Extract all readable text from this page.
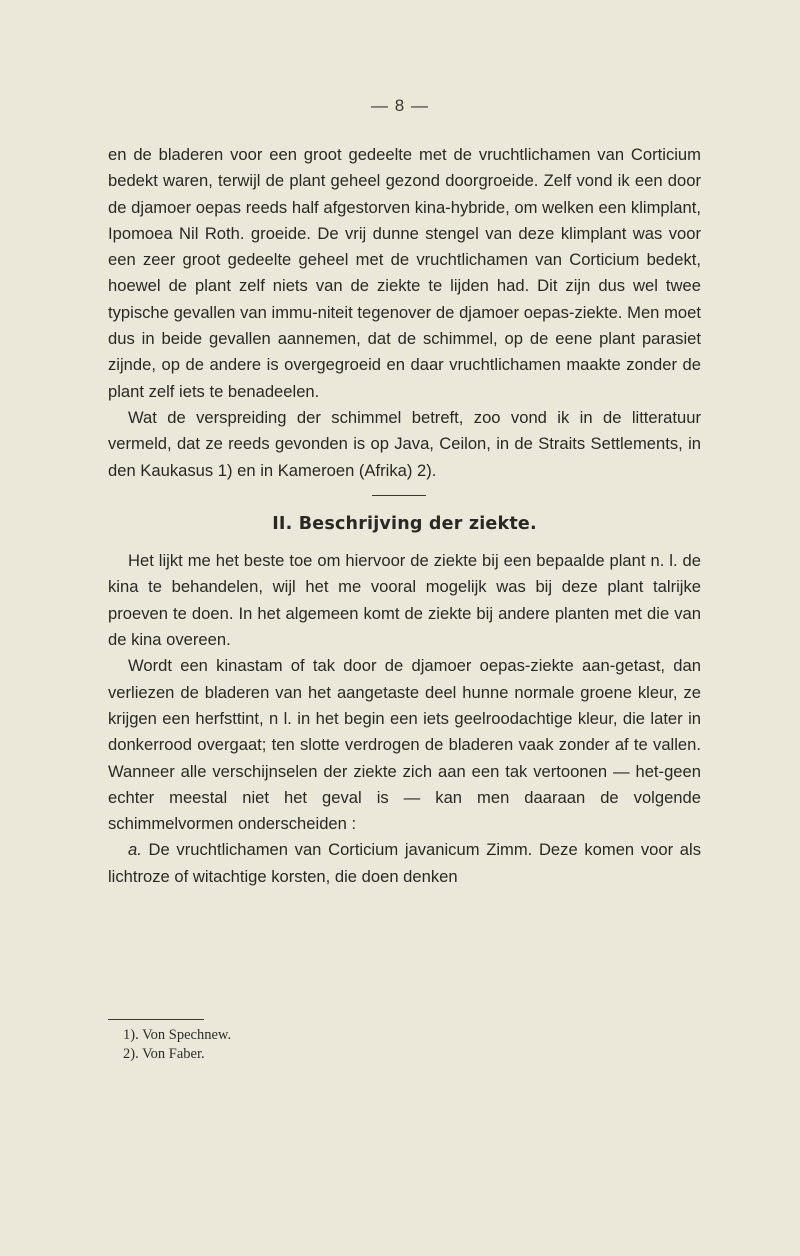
— 8 —

en de bladeren voor een groot gedeelte met de vruchtlichamen van Corticium bedekt waren, terwijl de plant geheel gezond doorgroeide. Zelf vond ik een door de djamoer oepas reeds half afgestorven kina-hybride, om welken een klimplant, Ipomoea Nil Roth. groeide. De vrij dunne stengel van deze klimplant was voor een zeer groot gedeelte geheel met de vruchtlichamen van Corticium bedekt, hoewel de plant zelf niets van de ziekte te lijden had. Dit zijn dus wel twee typische gevallen van immu-niteit tegenover de djamoer oepas-ziekte. Men moet dus in beide gevallen aannemen, dat de schimmel, op de eene plant parasiet zijnde, op de andere is overgegroeid en daar vruchtlichamen maakte zonder de plant zelf iets te benadeelen.

Wat de verspreiding der schimmel betreft, zoo vond ik in de litteratuur vermeld, dat ze reeds gevonden is op Java, Ceilon, in de Straits Settlements, in den Kaukasus 1) en in Kameroen (Afrika) 2).

II. Beschrijving der ziekte.

Het lijkt me het beste toe om hiervoor de ziekte bij een bepaalde plant n. l. de kina te behandelen, wijl het me vooral mogelijk was bij deze plant talrijke proeven te doen. In het algemeen komt de ziekte bij andere planten met die van de kina overeen.

Wordt een kinastam of tak door de djamoer oepas-ziekte aan-getast, dan verliezen de bladeren van het aangetaste deel hunne normale groene kleur, ze krijgen een herfsttint, n l. in het begin een iets geelroodachtige kleur, die later in donkerrood overgaat; ten slotte verdrogen de bladeren vaak zonder af te vallen. Wanneer alle verschijnselen der ziekte zich aan een tak vertoonen — het-geen echter meestal niet het geval is — kan men daaraan de volgende schimmelvormen onderscheiden :

a. De vruchtlichamen van Corticium javanicum Zimm. Deze komen voor als lichtroze of witachtige korsten, die doen denken

1). Von Spechnew.

2). Von Faber.
